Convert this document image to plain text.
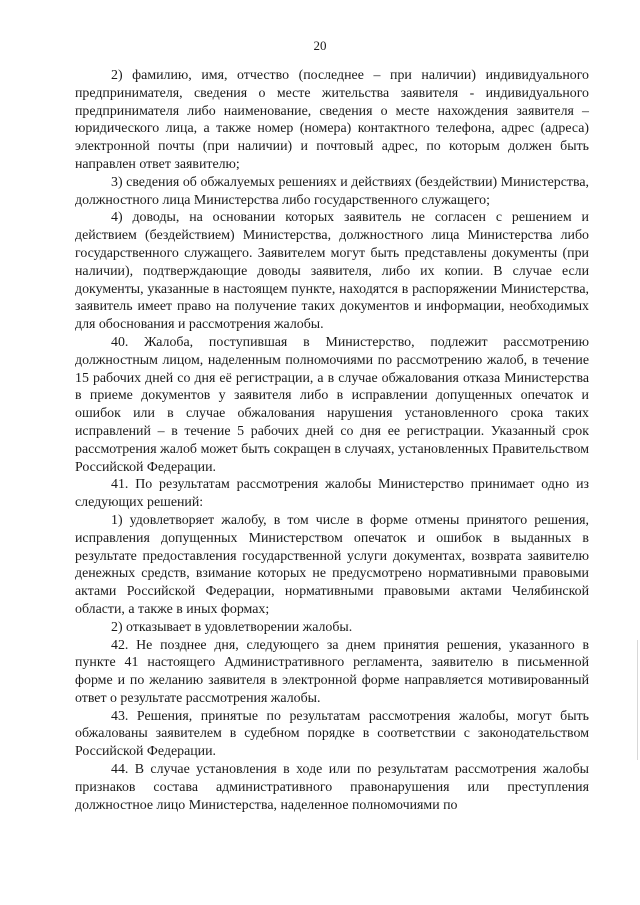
20

2) фамилию, имя, отчество (последнее – при наличии) индивидуального предпринимателя, сведения о месте жительства заявителя - индивидуального предпринимателя либо наименование, сведения о месте нахождения заявителя – юридического лица, а также номер (номера) контактного телефона, адрес (адреса) электронной почты (при наличии) и почтовый адрес, по которым должен быть направлен ответ заявителю;

3) сведения об обжалуемых решениях и действиях (бездействии) Министерства, должностного лица Министерства либо государственного служащего;

4) доводы, на основании которых заявитель не согласен с решением и действием (бездействием) Министерства, должностного лица Министерства либо государственного служащего. Заявителем могут быть представлены документы (при наличии), подтверждающие доводы заявителя, либо их копии. В случае если документы, указанные в настоящем пункте, находятся в распоряжении Министерства, заявитель имеет право на получение таких документов и информации, необходимых для обоснования и рассмотрения жалобы.

40. Жалоба, поступившая в Министерство, подлежит рассмотрению должностным лицом, наделенным полномочиями по рассмотрению жалоб, в течение 15 рабочих дней со дня её регистрации, а в случае обжалования отказа Министерства в приеме документов у заявителя либо в исправлении допущенных опечаток и ошибок или в случае обжалования нарушения установленного срока таких исправлений – в течение 5 рабочих дней со дня ее регистрации. Указанный срок рассмотрения жалоб может быть сокращен в случаях, установленных Правительством Российской Федерации.

41. По результатам рассмотрения жалобы Министерство принимает одно из следующих решений:

1) удовлетворяет жалобу, в том числе в форме отмены принятого решения, исправления допущенных Министерством опечаток и ошибок в выданных в результате предоставления государственной услуги документах, возврата заявителю денежных средств, взимание которых не предусмотрено нормативными правовыми актами Российской Федерации, нормативными правовыми актами Челябинской области, а также в иных формах;

2) отказывает в удовлетворении жалобы.

42. Не позднее дня, следующего за днем принятия решения, указанного в пункте 41 настоящего Административного регламента, заявителю в письменной форме и по желанию заявителя в электронной форме направляется мотивированный ответ о результате рассмотрения жалобы.

43. Решения, принятые по результатам рассмотрения жалобы, могут быть обжалованы заявителем в судебном порядке в соответствии с законодательством Российской Федерации.

44. В случае установления в ходе или по результатам рассмотрения жалобы признаков состава административного правонарушения или преступления должностное лицо Министерства, наделенное полномочиями по
